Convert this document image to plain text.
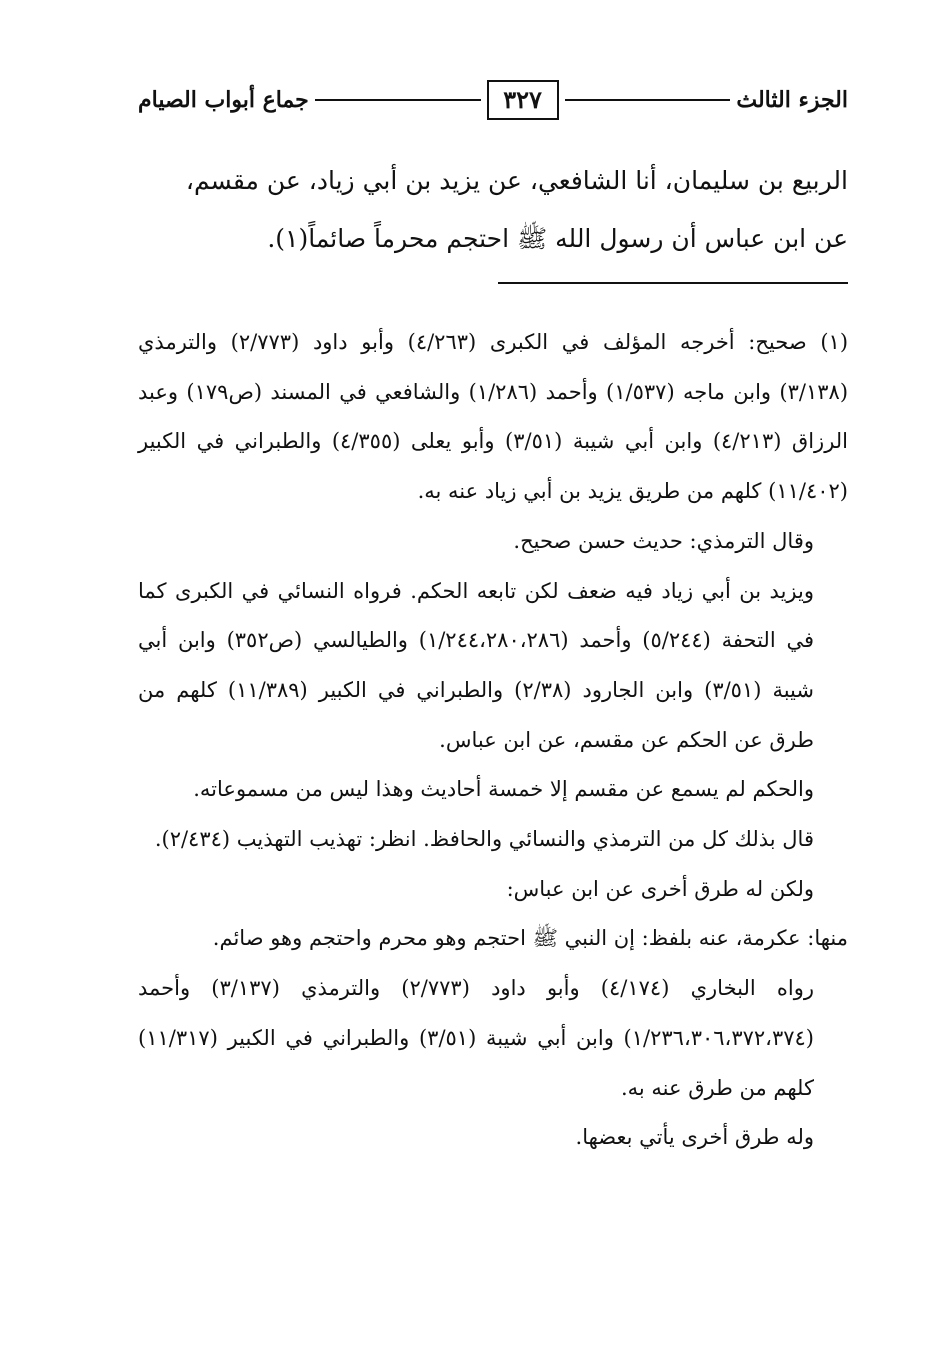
الجزء الثالث
٣٢٧
جماع أبواب الصيام

الربيع بن سليمان، أنا الشافعي، عن يزيد بن أبي زياد، عن مقسم،

عن ابن عباس أن رسول الله ﷺ احتجم محرماً صائماً(١).

(١) صحيح: أخرجه المؤلف في الكبرى (٤/٢٦٣) وأبو داود (٢/٧٧٣) والترمذي (٣/١٣٨) وابن ماجه (١/٥٣٧) وأحمد (١/٢٨٦) والشافعي في المسند (ص١٧٩) وعبد الرزاق (٤/٢١٣) وابن أبي شيبة (٣/٥١) وأبو يعلى (٤/٣٥٥) والطبراني في الكبير (١١/٤٠٢) كلهم من طريق يزيد بن أبي زياد عنه به.

وقال الترمذي: حديث حسن صحيح.

ويزيد بن أبي زياد فيه ضعف لكن تابعه الحكم. فرواه النسائي في الكبرى كما في التحفة (٥/٢٤٤) وأحمد (١/٢٤٤،٢٨٠،٢٨٦) والطيالسي (ص٣٥٢) وابن أبي شيبة (٣/٥١) وابن الجارود (٢/٣٨) والطبراني في الكبير (١١/٣٨٩) كلهم من طرق عن الحكم عن مقسم، عن ابن عباس.

والحكم لم يسمع عن مقسم إلا خمسة أحاديث وهذا ليس من مسموعاته.

قال بذلك كل من الترمذي والنسائي والحافظ. انظر: تهذيب التهذيب (٢/٤٣٤).

ولكن له طرق أخرى عن ابن عباس:

منها: عكرمة، عنه بلفظ: إن النبي ﷺ احتجم وهو محرم واحتجم وهو صائم.

رواه البخاري (٤/١٧٤) وأبو داود (٢/٧٧٣) والترمذي (٣/١٣٧) وأحمد (١/٢٣٦،٣٠٦،٣٧٢،٣٧٤) وابن أبي شيبة (٣/٥١) والطبراني في الكبير (١١/٣١٧) كلهم من طرق عنه به.

وله طرق أخرى يأتي بعضها.
